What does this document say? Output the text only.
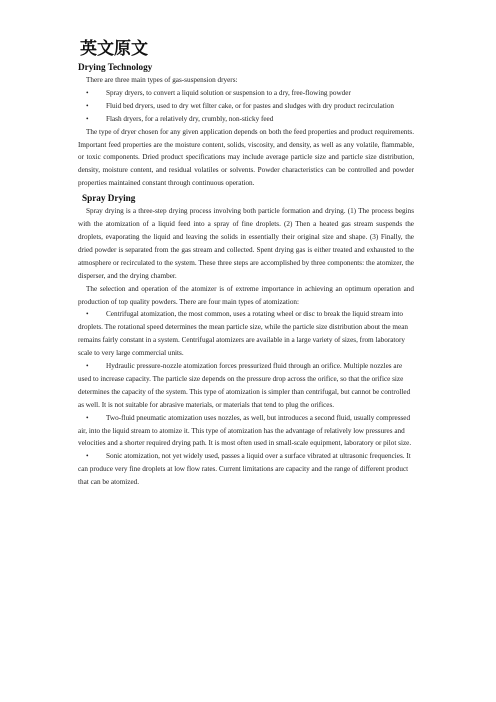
英文原文
Drying Technology

There are three main types of gas-suspension dryers:

• Spray dryers, to convert a liquid solution or suspension to a dry, free-flowing powder
• Fluid bed dryers, used to dry wet filter cake, or for pastes and sludges with dry product recirculation
• Flash dryers, for a relatively dry, crumbly, non-sticky feed

The type of dryer chosen for any given application depends on both the feed properties and product requirements. Important feed properties are the moisture content, solids, viscosity, and density, as well as any volatile, flammable, or toxic components. Dried product specifications may include average particle size and particle size distribution, density, moisture content, and residual volatiles or solvents. Powder characteristics can be controlled and powder properties maintained constant through continuous operation.

Spray Drying

Spray drying is a three-step drying process involving both particle formation and drying. (1) The process begins with the atomization of a liquid feed into a spray of fine droplets. (2) Then a heated gas stream suspends the droplets, evaporating the liquid and leaving the solids in essentially their original size and shape. (3) Finally, the dried powder is separated from the gas stream and collected. Spent drying gas is either treated and exhausted to the atmosphere or recirculated to the system. These three steps are accomplished by three components: the atomizer, the disperser, and the drying chamber.

The selection and operation of the atomizer is of extreme importance in achieving an optimum operation and production of top quality powders. There are four main types of atomization:

• Centrifugal atomization, the most common, uses a rotating wheel or disc to break the liquid stream into droplets. The rotational speed determines the mean particle size, while the particle size distribution about the mean remains fairly constant in a system. Centrifugal atomizers are available in a large variety of sizes, from laboratory scale to very large commercial units.
• Hydraulic pressure-nozzle atomization forces pressurized fluid through an orifice. Multiple nozzles are used to increase capacity. The particle size depends on the pressure drop across the orifice, so that the orifice size determines the capacity of the system. This type of atomization is simpler than centrifugal, but cannot be controlled as well. It is not suitable for abrasive materials, or materials that tend to plug the orifices.
• Two-fluid pneumatic atomization uses nozzles, as well, but introduces a second fluid, usually compressed air, into the liquid stream to atomize it. This type of atomization has the advantage of relatively low pressures and velocities and a shorter required drying path. It is most often used in small-scale equipment, laboratory or pilot size.
• Sonic atomization, not yet widely used, passes a liquid over a surface vibrated at ultrasonic frequencies. It can produce very fine droplets at low flow rates. Current limitations are capacity and the range of different product that can be atomized.
